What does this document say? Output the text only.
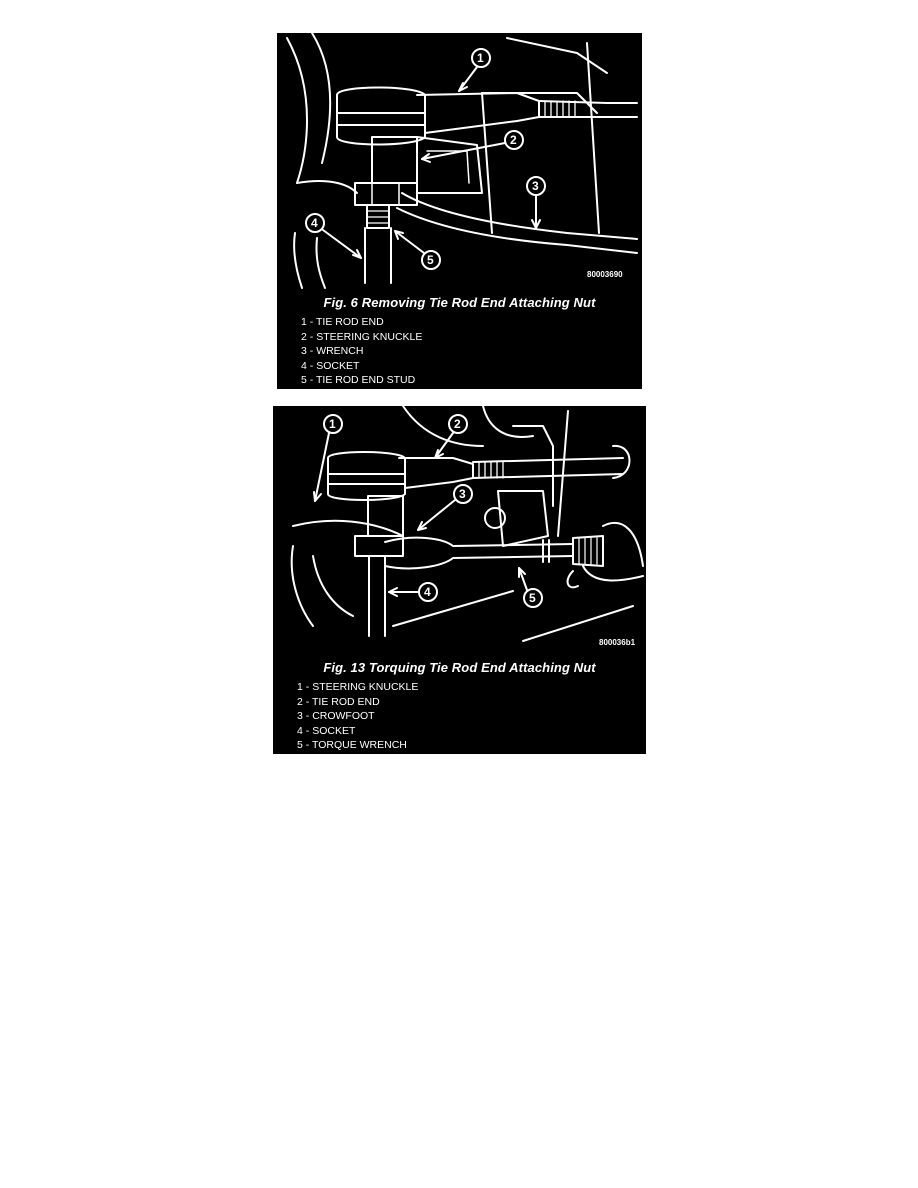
1
2
3
4
5
80003690
Fig. 6 Removing Tie Rod End Attaching Nut
1 - TIE ROD END
2 - STEERING KNUCKLE
3 - WRENCH
4 - SOCKET
5 - TIE ROD END STUD
1	2
3
4	5
800036b1
Fig. 13 Torquing Tie Rod End Attaching Nut
1 - STEERING KNUCKLE
2 - TIE ROD END
3 - CROWFOOT
4 - SOCKET
5 - TORQUE WRENCH
